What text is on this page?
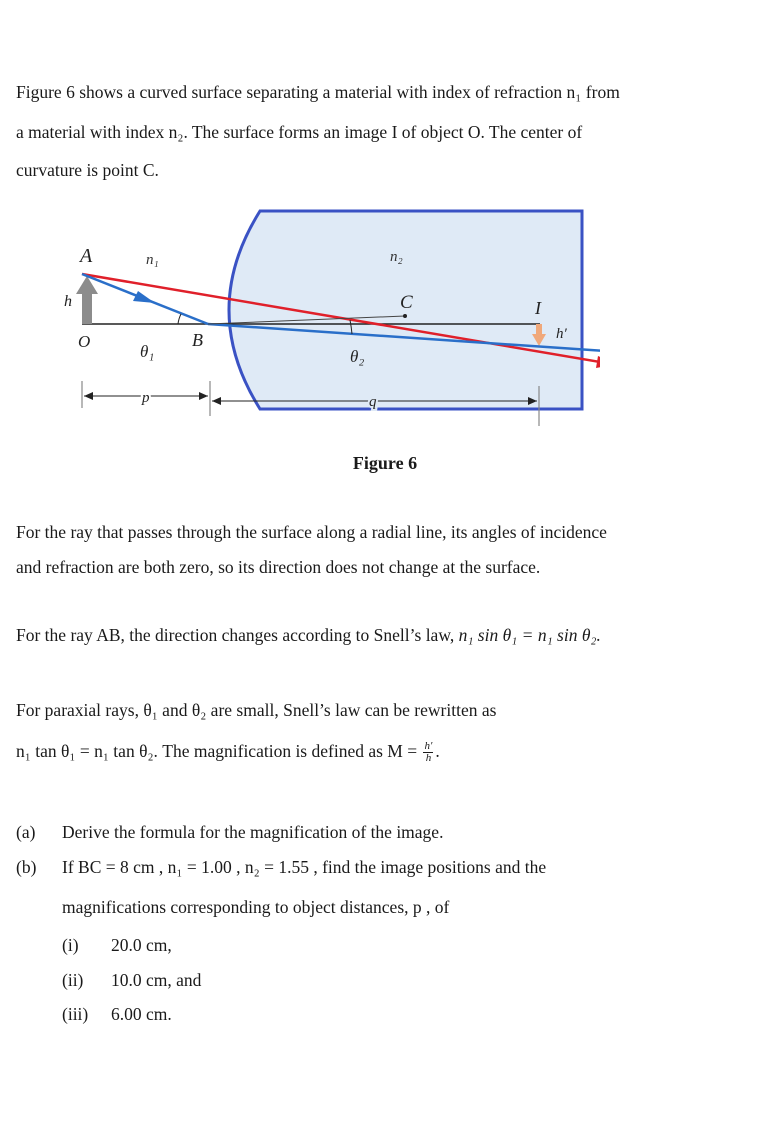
Figure 6 shows a curved surface separating a material with index of refraction n₁ from
a material with index n₂. The surface forms an image I of object O. The center of
curvature is point C.
A	n₁
h
O
θ₁
B
n₂
C
θ₂
I
h′
p	q
Figure 6
For the ray that passes through the surface along a radial line, its angles of incidence
and refraction are both zero, so its direction does not change at the surface.
For the ray AB, the direction changes according to Snell’s law, n₁ sin θ₁ = n₁ sin θ₂.
For paraxial rays, θ₁ and θ₂ are small, Snell’s law can be rewritten as
n₁ tan θ₁ = n₁ tan θ₂. The magnification is defined as $M = \frac{h'}{h}$ .
(a) Derive the formula for the magnification of the image.
(b) If BC = 8 cm , n₁ = 1.00 , n₂ = 1.55 , find the image positions and the
magnifications corresponding to object distances, p , of
(i) 20.0 cm,
(ii) 10.0 cm, and
(iii) 6.00 cm.
